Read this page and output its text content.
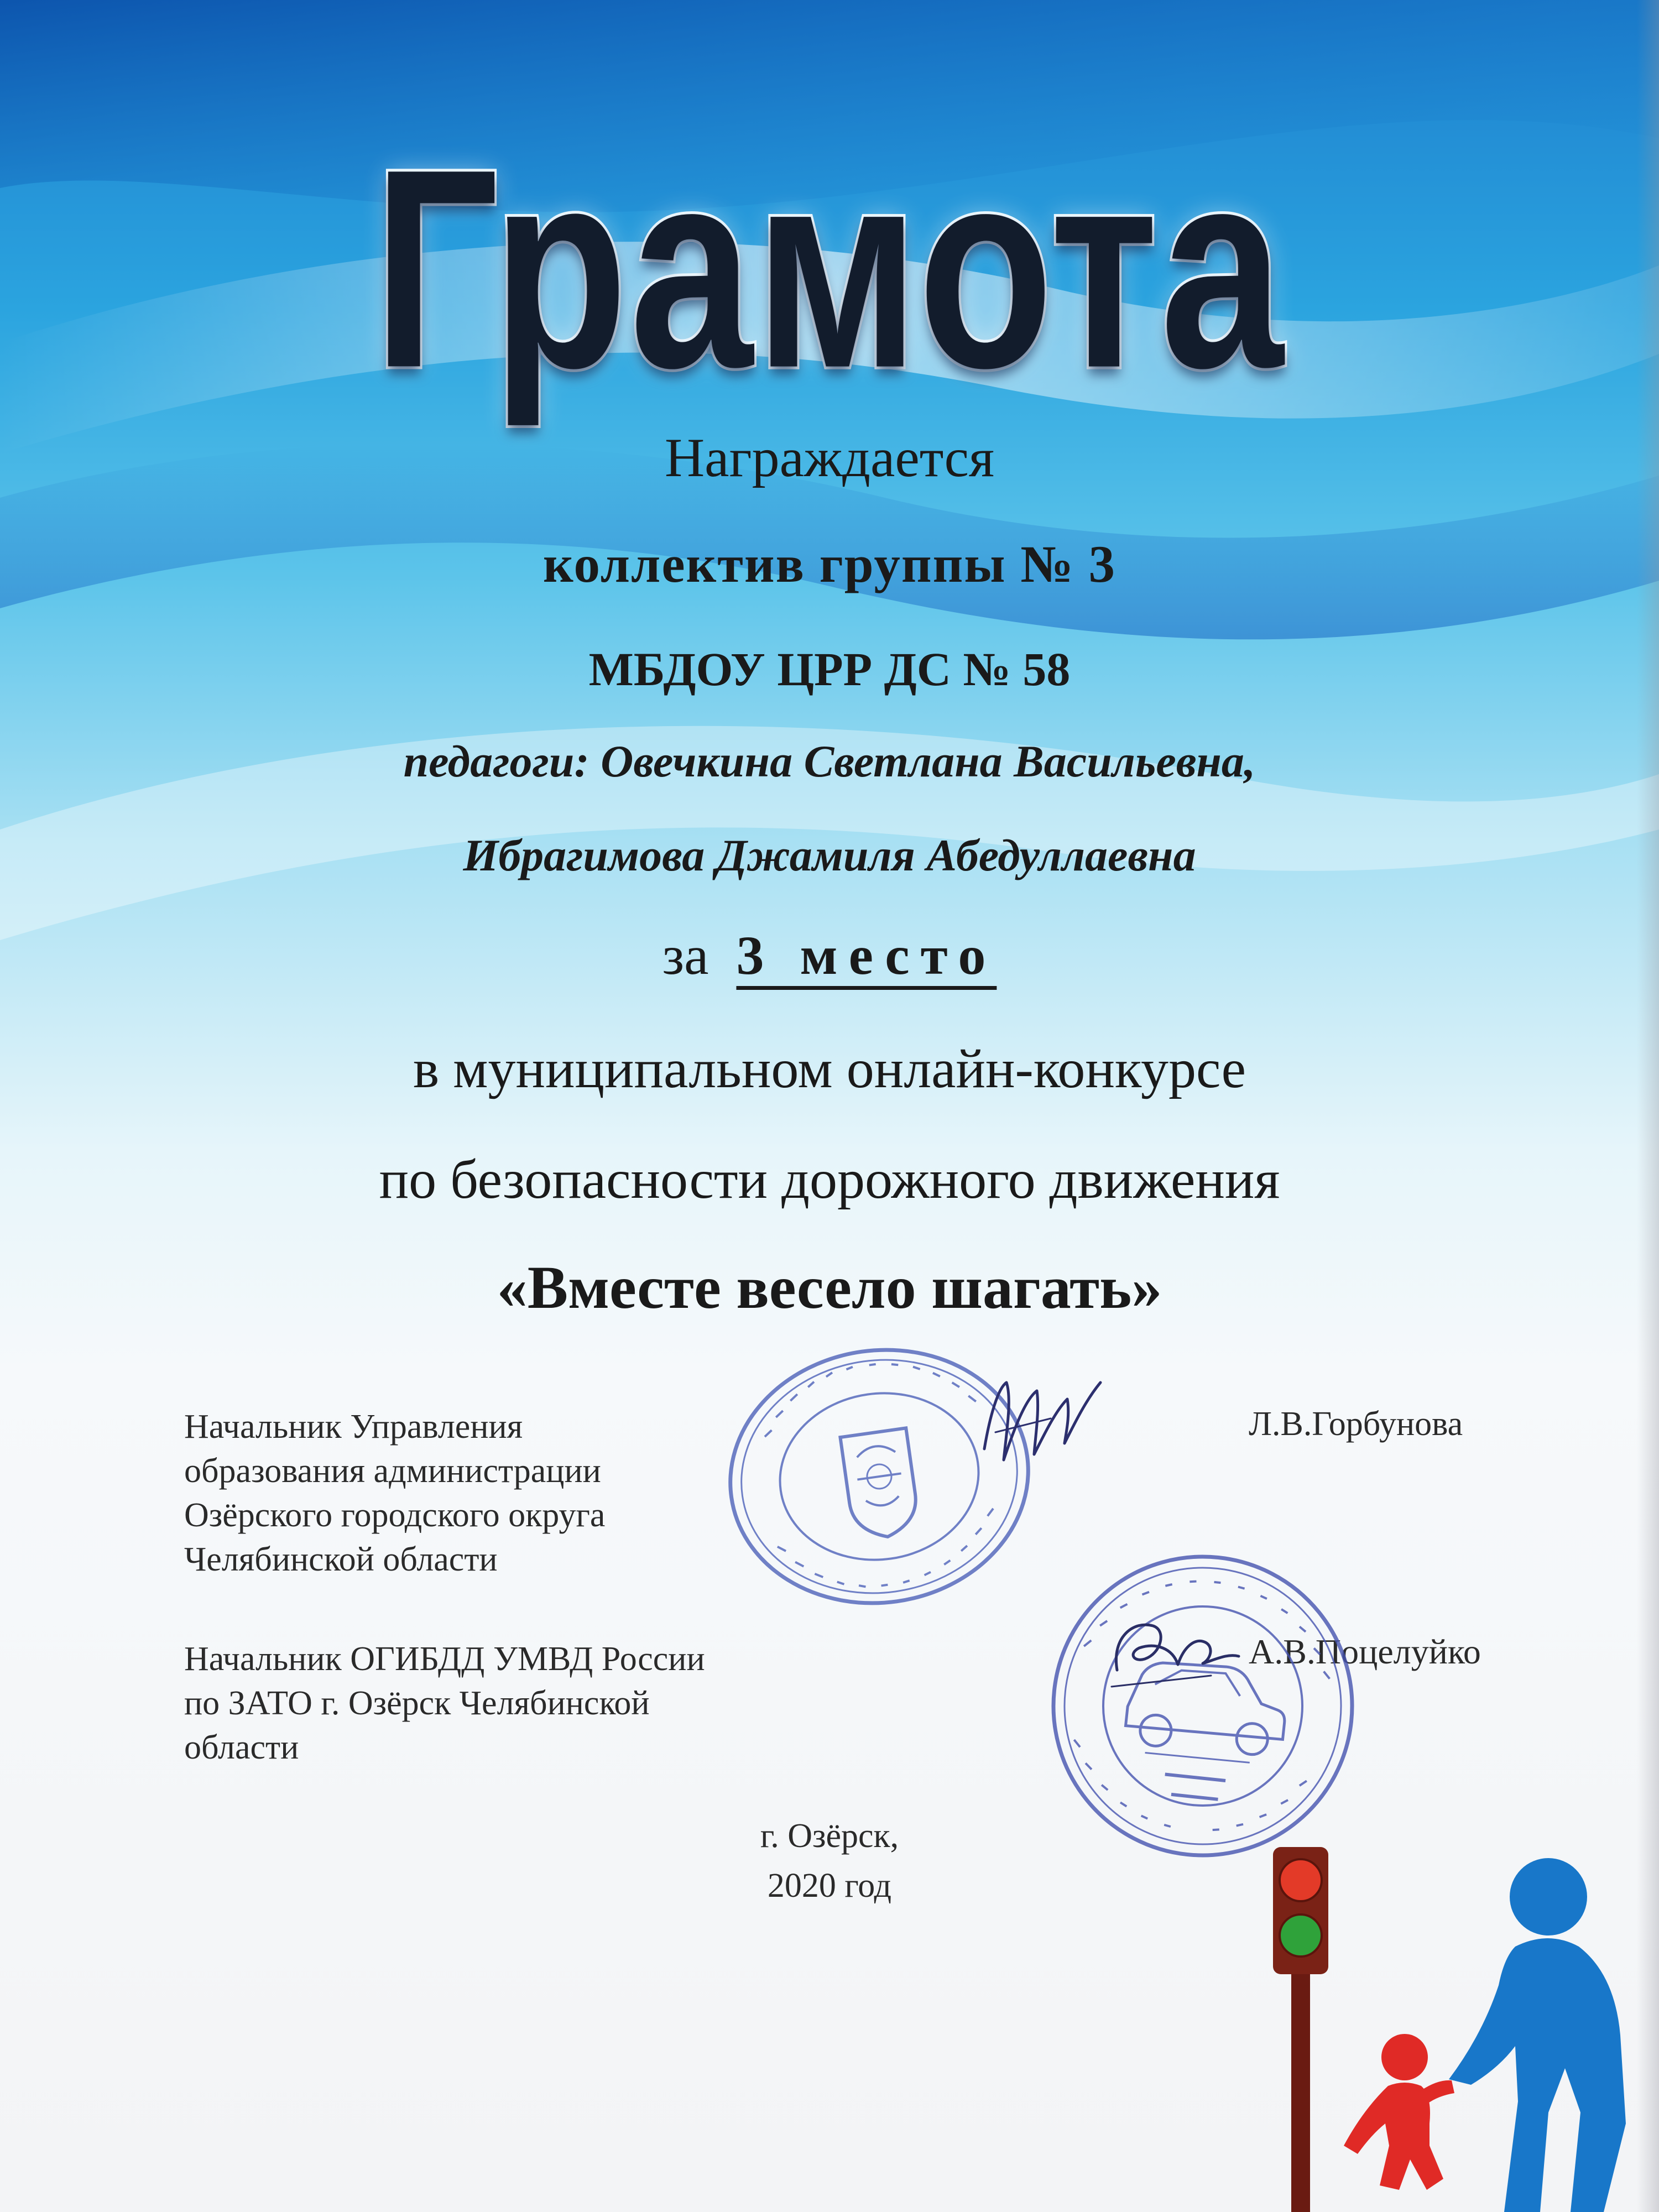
Грамота
Награждается
коллектив группы № 3
МБДОУ ЦРР ДС № 58
педагоги: Овечкина Светлана Васильевна,
Ибрагимова Джамиля Абедуллаевна
за 3 место
в муниципальном онлайн-конкурсе
по безопасности дорожного движения
«Вместе весело шагать»
Начальник Управления
образования администрации
Озёрского городского округа
Челябинской области
Л.В.Горбунова
Начальник ОГИБДД УМВД России
по ЗАТО г. Озёрск Челябинской
области
А.В.Поцелуйко
г. Озёрск,
2020 год
